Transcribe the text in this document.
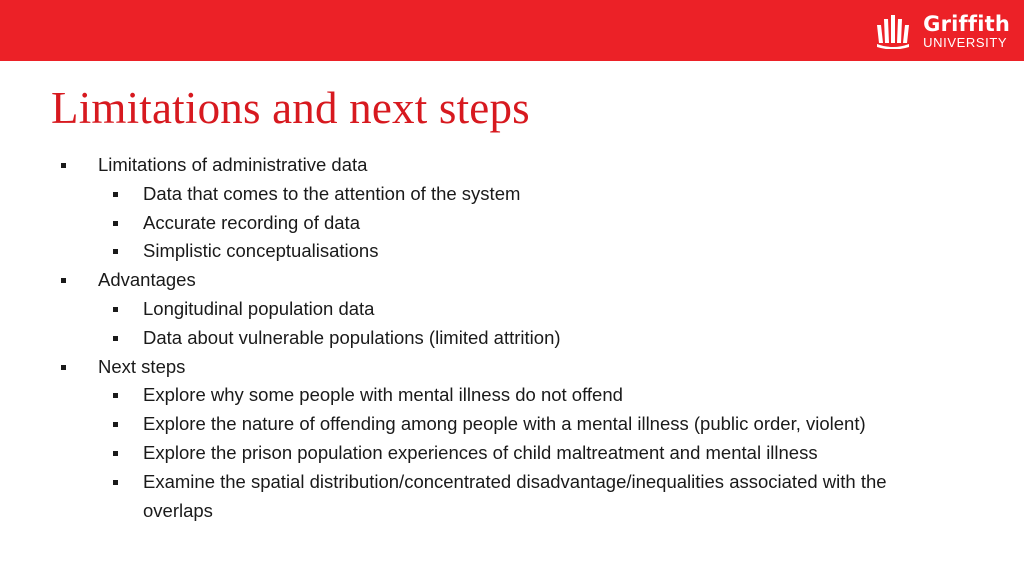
Griffith
UNIVERSITY
Limitations and next steps
Limitations of administrative data
Data that comes to the attention of the system
Accurate recording of data
Simplistic conceptualisations
Advantages
Longitudinal population data
Data about vulnerable populations (limited attrition)
Next steps
Explore why some people with mental illness do not offend
Explore the nature of offending among people with a mental illness (public order, violent)
Explore the prison population experiences of child maltreatment and mental illness
Examine the spatial distribution/concentrated disadvantage/inequalities associated with the
overlaps
